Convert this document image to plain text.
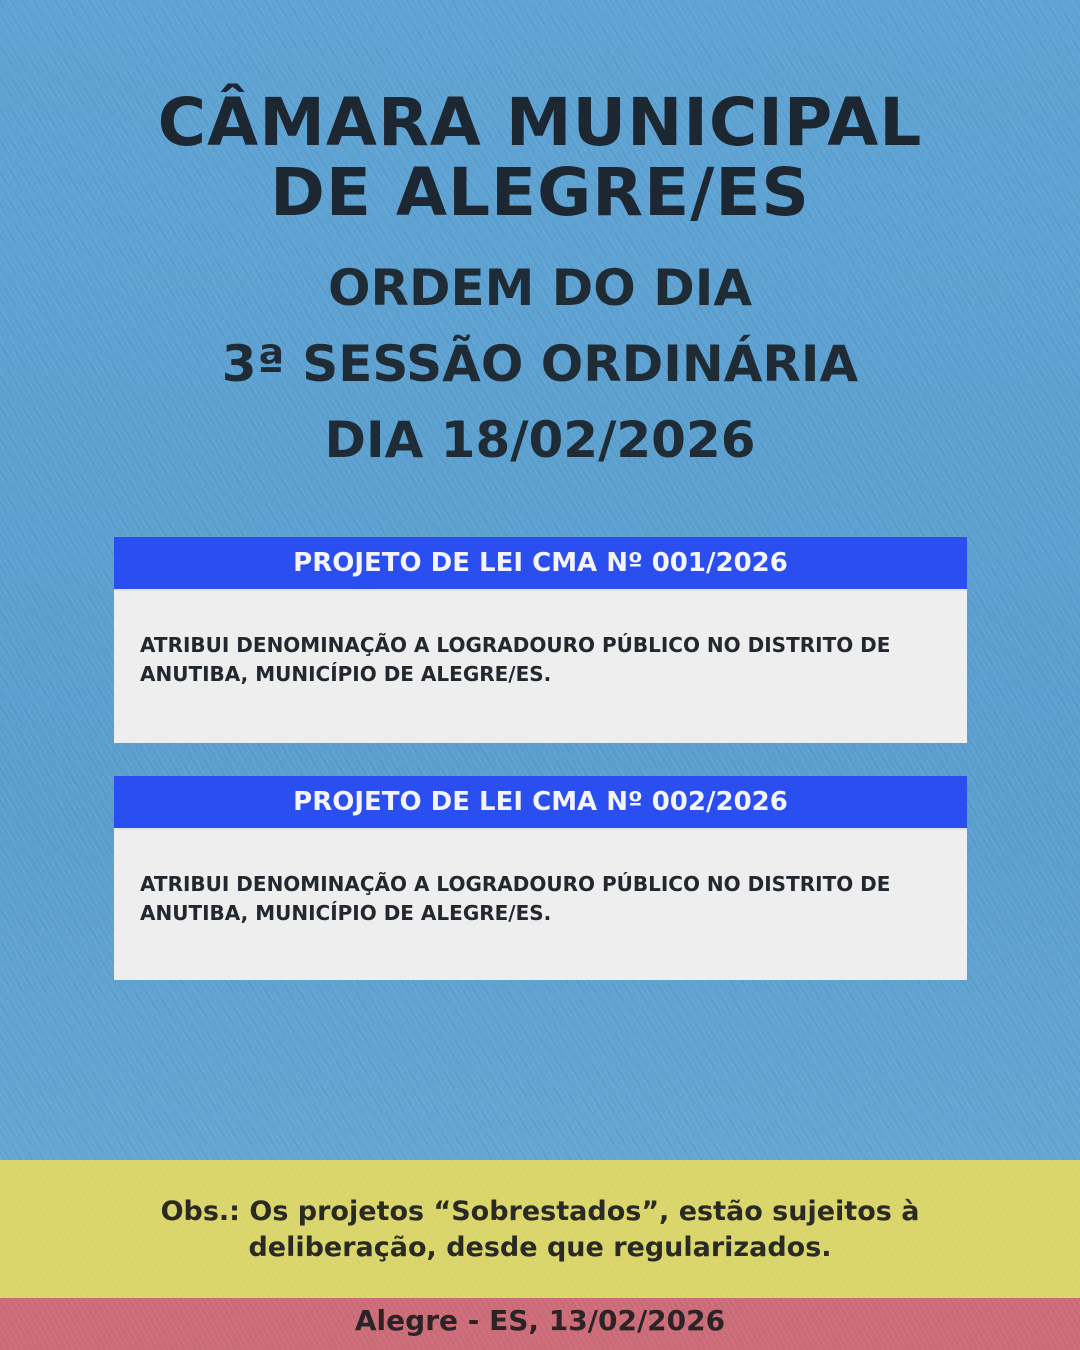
CÂMARA MUNICIPAL
DE ALEGRE/ES
ORDEM DO DIA
3ª SESSÃO ORDINÁRIA
DIA 18/02/2026
PROJETO DE LEI CMA Nº 001/2026
ATRIBUI DENOMINAÇÃO A LOGRADOURO PÚBLICO NO DISTRITO DE ANUTIBA, MUNICÍPIO DE ALEGRE/ES.
PROJETO DE LEI CMA Nº 002/2026
ATRIBUI DENOMINAÇÃO A LOGRADOURO PÚBLICO NO DISTRITO DE ANUTIBA, MUNICÍPIO DE ALEGRE/ES.
Obs.: Os projetos “Sobrestados”, estão sujeitos à
deliberação, desde que regularizados.
Alegre - ES, 13/02/2026
